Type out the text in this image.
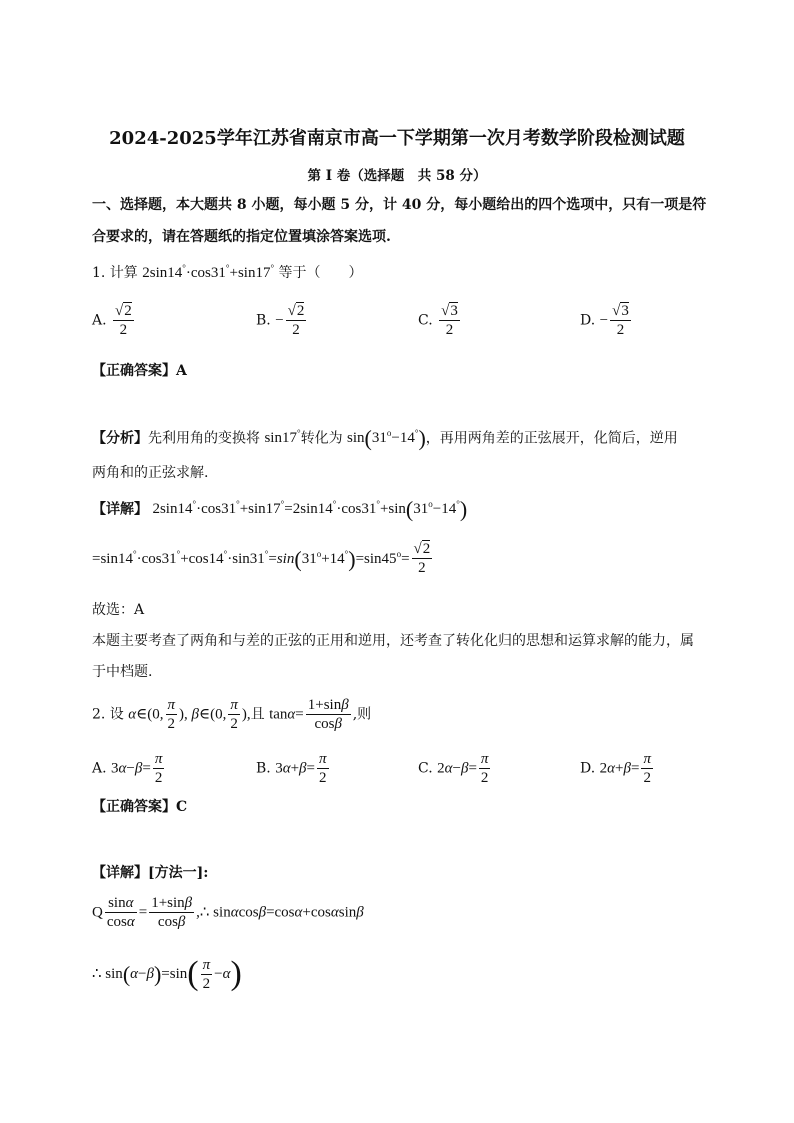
2024-2025学年江苏省南京市高一下学期第一次月考数学阶段检测试题
第 I 卷（选择题　共 58 分）
一、选择题，本大题共 8 小题，每小题 5 分，计 40 分，每小题给出的四个选项中，只有一项是符
合要求的，请在答题纸的指定位置填涂答案选项.
1. 计算 2sin14°·cos31°+sin17° 等于（　　）
A. $\frac{√2}{2}$	B. − $\frac{√2}{2}$	C. $\frac{√3}{2}$	D. − $\frac{√3}{2}$
【正确答案】A
【分析】先利用角的变换将 sin17°转化为 $\sin(31^o-14^\circ)$，再用两角差的正弦展开，化简后，逆用
两角和的正弦求解.
【详解】 $2\sin 14^\circ\cdot\cos 31^\circ+\sin 17^\circ=2\sin 14^\circ\cdot\cos 31^\circ+\sin(31^o-14^\circ)$
$=\sin 14^\circ\cdot\cos 31^\circ+\cos 14^\circ\cdot\sin 31^\circ=\sin(31^o+14^\circ)=\sin 45^o= \frac{√2}{2}$
故选：A
本题主要考查了两角和与差的正弦的正用和逆用，还考查了转化化归的思想和运算求解的能力，属
于中档题.
2. 设 α∈(0, $\frac{\pi}{2}$ ), β∈(0, $\frac{\pi}{2}$ ),且 $\tan\alpha= \frac{1+\sin\beta}{\cos\beta}$ ,则
A. $3\alpha-\beta= \frac{\pi}{2}$	B. $3\alpha+\beta= \frac{\pi}{2}$	C. $2\alpha-\beta= \frac{\pi}{2}$	D. $2\alpha+\beta= \frac{\pi}{2}$
【正确答案】C
【详解】[方法一]:
Q $\frac{\sin\alpha}{\cos\alpha} = \frac{1+\sin\beta}{\cos\beta}$ ,∴ sinαcosβ=cosα+cosαsinβ
∴ $\sin(\alpha-\beta)=\sin( \frac{\pi}{2} -\alpha)$
